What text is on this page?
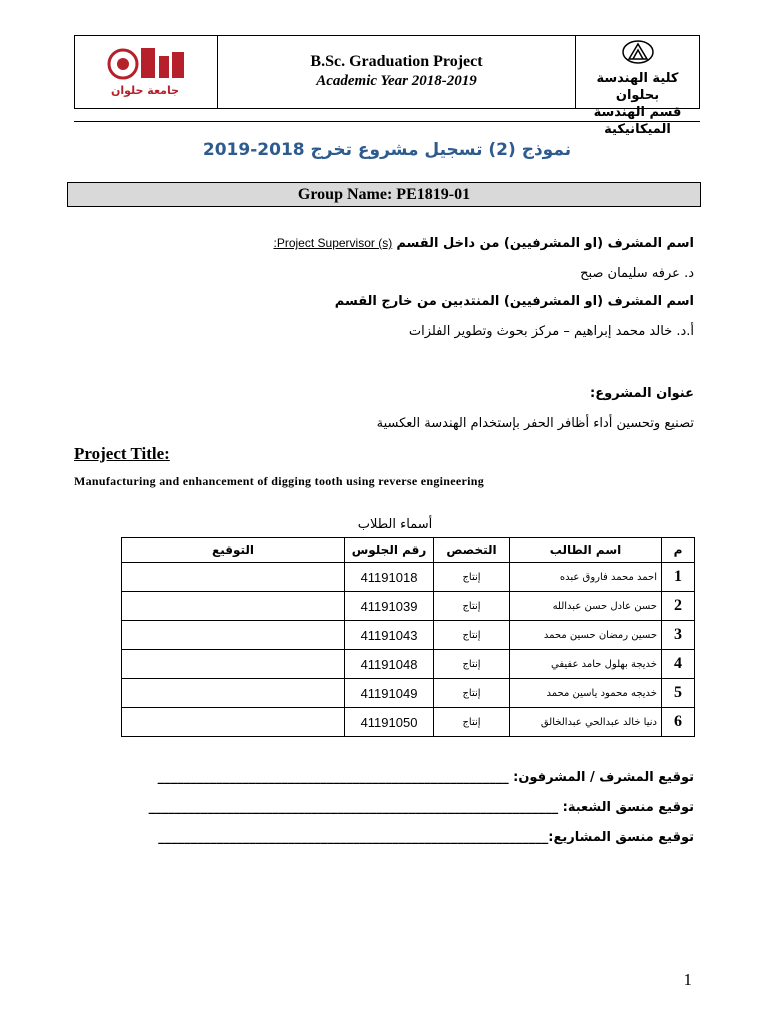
جامعة حلوان
B.Sc. Graduation Project
Academic Year 2018-2019	كلية الهندسة بحلوان
قسم الهندسة الميكانيكية
نموذج (2) تسجيل مشروع تخرج 2018-2019
Group Name: PE1819-01
اسم المشرف (او المشرفيين) من داخل القسم Project Supervisor (s):
د. عرفه سليمان صبح
اسم المشرف (او المشرفيين) المنتدبين من خارج القسم
أ.د. خالد محمد إبراهيم – مركز بحوث وتطوير الفلزات
عنوان المشروع:
تصنيع وتحسين أداء أظافر الحفر بإستخدام الهندسة العكسية
Project Title:
Manufacturing and enhancement of digging tooth using reverse engineering
أسماء الطلاب
م	اسم الطالب	التخصص	رقم الجلوس	التوقيع
1	احمد محمد فاروق عبده	إنتاج	41191018	
2	حسن عادل حسن عبدالله	إنتاج	41191039	
3	حسين رمضان حسين محمد	إنتاج	41191043	
4	خديجة بهلول حامد عفيفي	إنتاج	41191048	
5	خديجه محمود ياسين محمد	إنتاج	41191049	
6	دنيا خالد عبدالحي عبدالخالق	إنتاج	41191050	
توقيع المشرف / المشرفون: ______________________________________________________
توقيع منسق الشعبة: _______________________________________________________________
توقيع منسق المشاريع:____________________________________________________________
1
